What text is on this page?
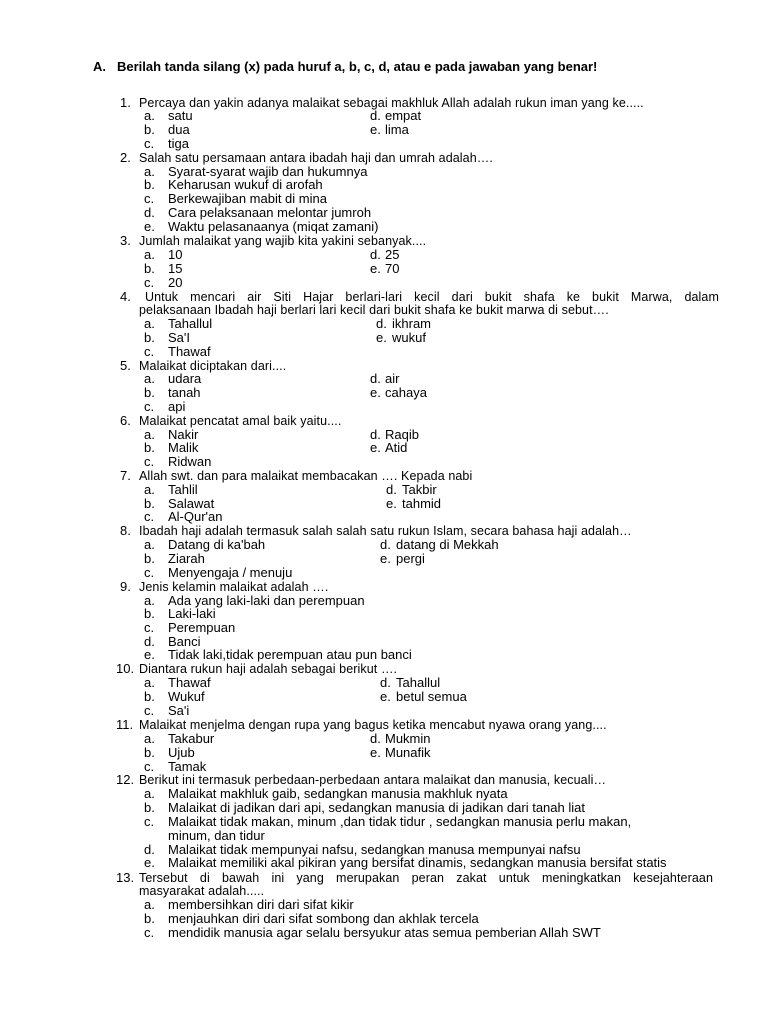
A. Berilah tanda silang (x) pada huruf a, b, c, d, atau e pada jawaban yang benar!
1. Percaya dan yakin adanya malaikat sebagai makhluk Allah adalah rukun iman yang ke.....
a. satu	d. empat
b. dua	e. lima
c. tiga
2. Salah satu persamaan antara ibadah haji dan umrah adalah….
a. Syarat-syarat wajib dan hukumnya
b. Keharusan wukuf di arofah
c. Berkewajiban mabit di mina
d. Cara pelaksanaan melontar jumroh
e. Waktu pelasanaanya (miqat zamani)
3. Jumlah malaikat yang wajib kita yakini sebanyak....
a. 10	d. 25
b. 15	e. 70
c. 20
4. Untuk mencari air Siti Hajar berlari-lari kecil dari bukit shafa ke bukit Marwa, dalam
pelaksanaan Ibadah haji berlari lari kecil dari bukit shafa ke bukit marwa di sebut….
a. Tahallul	d. ikhram
b. Sa'I	e. wukuf
c. Thawaf
5. Malaikat diciptakan dari....
a. udara	d. air
b. tanah	e. cahaya
c. api
6. Malaikat pencatat amal baik yaitu....
a. Nakir	d. Raqib
b. Malik	e. Atid
c. Ridwan
7. Allah swt. dan para malaikat membacakan …. Kepada nabi
a. Tahlil	d. Takbir
b. Salawat	e. tahmid
c. Al-Qur'an
8. Ibadah haji adalah termasuk salah salah satu rukun Islam, secara bahasa haji adalah…
a. Datang di ka'bah	d. datang di Mekkah
b. Ziarah	e. pergi
c. Menyengaja / menuju
9. Jenis kelamin malaikat adalah ….
a. Ada yang laki-laki dan perempuan
b. Laki-laki
c. Perempuan
d. Banci
e. Tidak laki,tidak perempuan atau pun banci
10. Diantara rukun haji adalah sebagai berikut ….
a. Thawaf	d. Tahallul
b. Wukuf	e. betul semua
c. Sa'i
11. Malaikat menjelma dengan rupa yang bagus ketika mencabut nyawa orang yang....
a. Takabur	d. Mukmin
b. Ujub	e. Munafik
c. Tamak
12. Berikut ini termasuk perbedaan-perbedaan antara malaikat dan manusia, kecuali…
a. Malaikat makhluk gaib, sedangkan manusia makhluk nyata
b. Malaikat di jadikan dari api, sedangkan manusia di jadikan dari tanah liat
c. Malaikat tidak makan, minum ,dan tidak tidur , sedangkan manusia perlu makan,
minum, dan tidur
d. Malaikat tidak mempunyai nafsu, sedangkan manusa mempunyai nafsu
e. Malaikat memiliki akal pikiran yang bersifat dinamis, sedangkan manusia bersifat statis
13. Tersebut di bawah ini yang merupakan peran zakat untuk meningkatkan kesejahteraan
masyarakat adalah.....
a. membersihkan diri dari sifat kikir
b. menjauhkan diri dari sifat sombong dan akhlak tercela
c. mendidik manusia agar selalu bersyukur atas semua pemberian Allah SWT
